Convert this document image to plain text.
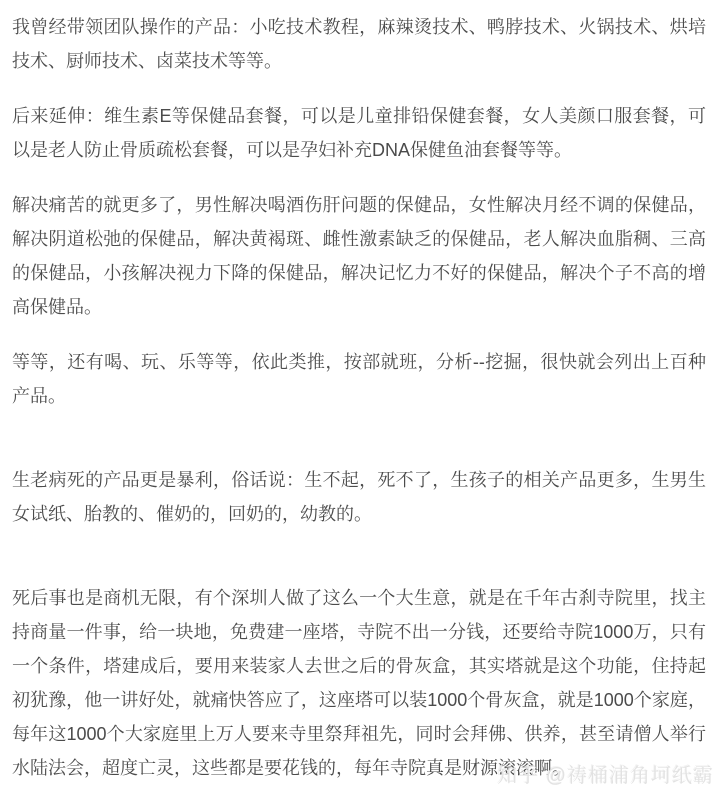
我曾经带领团队操作的产品：小吃技术教程，麻辣烫技术、鸭脖技术、火锅技术、烘培技术、厨师技术、卤菜技术等等。

后来延伸：维生素E等保健品套餐，可以是儿童排铅保健套餐，女人美颜口服套餐，可以是老人防止骨质疏松套餐，可以是孕妇补充DNA保健鱼油套餐等等。

解决痛苦的就更多了，男性解决喝酒伤肝问题的保健品，女性解决月经不调的保健品，解决阴道松弛的保健品，解决黄褐斑、雌性激素缺乏的保健品，老人解决血脂稠、三高的保健品，小孩解决视力下降的保健品，解决记忆力不好的保健品，解决个子不高的增高保健品。

等等，还有喝、玩、乐等等，依此类推，按部就班，分析--挖掘，很快就会列出上百种产品。

生老病死的产品更是暴利，俗话说：生不起，死不了，生孩子的相关产品更多，生男生女试纸、胎教的、催奶的，回奶的，幼教的。

死后事也是商机无限，有个深圳人做了这么一个大生意，就是在千年古刹寺院里，找主持商量一件事，给一块地，免费建一座塔，寺院不出一分钱，还要给寺院1000万，只有一个条件，塔建成后，要用来装家人去世之后的骨灰盒，其实塔就是这个功能，住持起初犹豫，他一讲好处，就痛快答应了，这座塔可以装1000个骨灰盒，就是1000个家庭，每年这1000个大家庭里上万人要来寺里祭拜祖先，同时会拜佛、供养，甚至请僧人举行水陆法会，超度亡灵，这些都是要花钱的，每年寺院真是财源滚滚啊。

知乎 @祷桶浦角坷纸霸
